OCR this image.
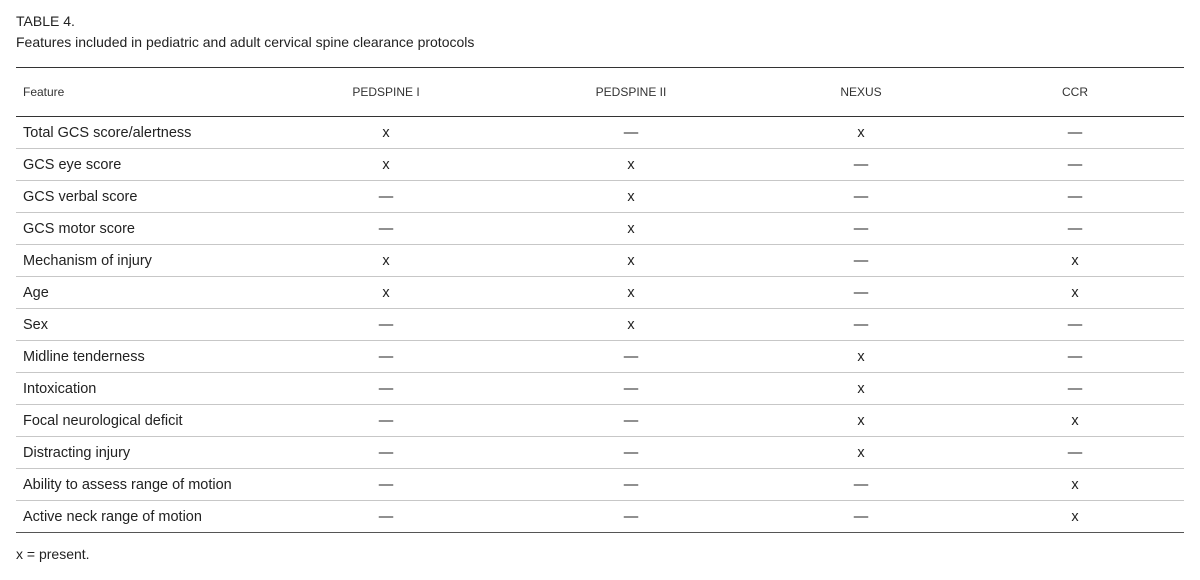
TABLE 4.
Features included in pediatric and adult cervical spine clearance protocols
Feature	PEDSPINE I	PEDSPINE II	NEXUS	CCR
Total GCS score/alertness	x	—	x	—
GCS eye score	x	x	—	—
GCS verbal score	—	x	—	—
GCS motor score	—	x	—	—
Mechanism of injury	x	x	—	x
Age	x	x	—	x
Sex	—	x	—	—
Midline tenderness	—	—	x	—
Intoxication	—	—	x	—
Focal neurological deficit	—	—	x	x
Distracting injury	—	—	x	—
Ability to assess range of motion	—	—	—	x
Active neck range of motion	—	—	—	x
x = present.
